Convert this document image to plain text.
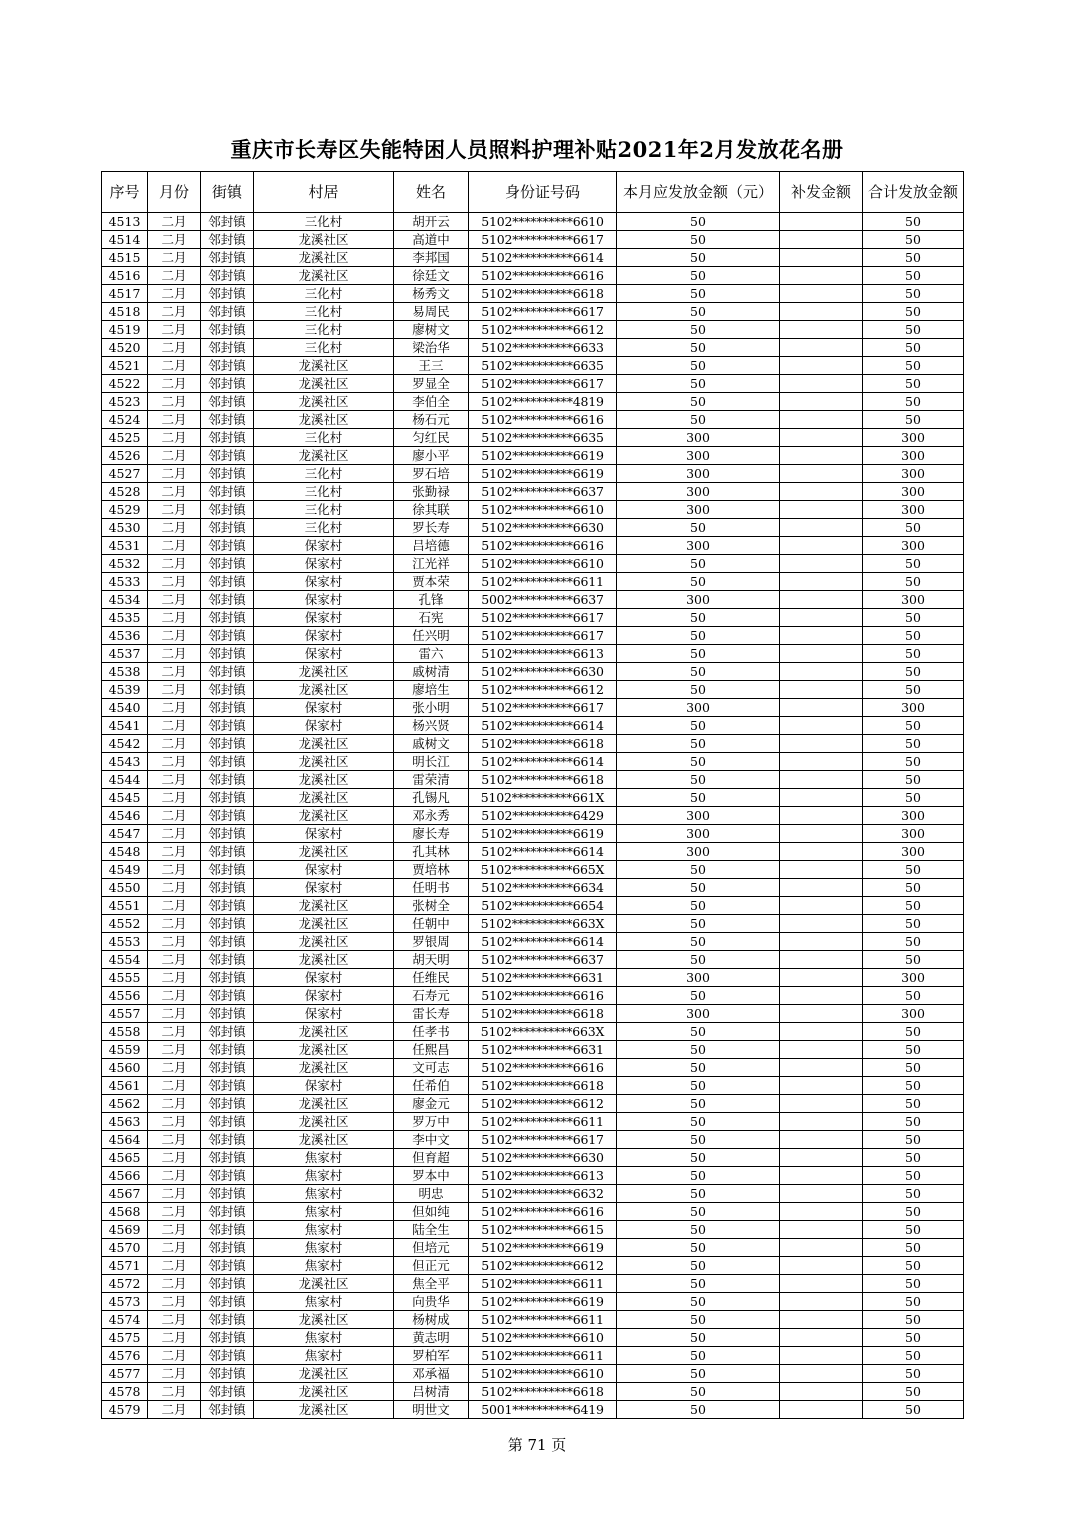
重庆市长寿区失能特困人员照料护理补贴2021年2月发放花名册
序号	月份	街镇	村居	姓名	身份证号码	本月应发放金额（元）	补发金额	合计发放金额
4513	二月	邻封镇	三化村	胡开云	5102**********6610	50		50
4514	二月	邻封镇	龙溪社区	高道中	5102**********6617	50		50
4515	二月	邻封镇	龙溪社区	李邦国	5102**********6614	50		50
4516	二月	邻封镇	龙溪社区	徐廷文	5102**********6616	50		50
4517	二月	邻封镇	三化村	杨秀文	5102**********6618	50		50
4518	二月	邻封镇	三化村	易周民	5102**********6617	50		50
4519	二月	邻封镇	三化村	廖树文	5102**********6612	50		50
4520	二月	邻封镇	三化村	梁治华	5102**********6633	50		50
4521	二月	邻封镇	龙溪社区	王三	5102**********6635	50		50
4522	二月	邻封镇	龙溪社区	罗显全	5102**********6617	50		50
4523	二月	邻封镇	龙溪社区	李伯全	5102**********4819	50		50
4524	二月	邻封镇	龙溪社区	杨石元	5102**********6616	50		50
4525	二月	邻封镇	三化村	匀红民	5102**********6635	300		300
4526	二月	邻封镇	龙溪社区	廖小平	5102**********6619	300		300
4527	二月	邻封镇	三化村	罗石培	5102**********6619	300		300
4528	二月	邻封镇	三化村	张勤禄	5102**********6637	300		300
4529	二月	邻封镇	三化村	徐其联	5102**********6610	300		300
4530	二月	邻封镇	三化村	罗长寿	5102**********6630	50		50
4531	二月	邻封镇	保家村	吕培德	5102**********6616	300		300
4532	二月	邻封镇	保家村	江光祥	5102**********6610	50		50
4533	二月	邻封镇	保家村	贾本荣	5102**********6611	50		50
4534	二月	邻封镇	保家村	孔锋	5002**********6637	300		300
4535	二月	邻封镇	保家村	石宪	5102**********6617	50		50
4536	二月	邻封镇	保家村	任兴明	5102**********6617	50		50
4537	二月	邻封镇	保家村	雷六	5102**********6613	50		50
4538	二月	邻封镇	龙溪社区	戚树清	5102**********6630	50		50
4539	二月	邻封镇	龙溪社区	廖培生	5102**********6612	50		50
4540	二月	邻封镇	保家村	张小明	5102**********6617	300		300
4541	二月	邻封镇	保家村	杨兴贤	5102**********6614	50		50
4542	二月	邻封镇	龙溪社区	戚树文	5102**********6618	50		50
4543	二月	邻封镇	龙溪社区	明长江	5102**********6614	50		50
4544	二月	邻封镇	龙溪社区	雷荣清	5102**********6618	50		50
4545	二月	邻封镇	龙溪社区	孔锡凡	5102**********661X	50		50
4546	二月	邻封镇	龙溪社区	邓永秀	5102**********6429	300		300
4547	二月	邻封镇	保家村	廖长寿	5102**********6619	300		300
4548	二月	邻封镇	龙溪社区	孔其林	5102**********6614	300		300
4549	二月	邻封镇	保家村	贾培林	5102**********665X	50		50
4550	二月	邻封镇	保家村	任明书	5102**********6634	50		50
4551	二月	邻封镇	龙溪社区	张树全	5102**********6654	50		50
4552	二月	邻封镇	龙溪社区	任朝中	5102**********663X	50		50
4553	二月	邻封镇	龙溪社区	罗银周	5102**********6614	50		50
4554	二月	邻封镇	龙溪社区	胡天明	5102**********6637	50		50
4555	二月	邻封镇	保家村	任维民	5102**********6631	300		300
4556	二月	邻封镇	保家村	石寿元	5102**********6616	50		50
4557	二月	邻封镇	保家村	雷长寿	5102**********6618	300		300
4558	二月	邻封镇	龙溪社区	任孝书	5102**********663X	50		50
4559	二月	邻封镇	龙溪社区	任熙昌	5102**********6631	50		50
4560	二月	邻封镇	龙溪社区	文可志	5102**********6616	50		50
4561	二月	邻封镇	保家村	任希伯	5102**********6618	50		50
4562	二月	邻封镇	龙溪社区	廖金元	5102**********6612	50		50
4563	二月	邻封镇	龙溪社区	罗万中	5102**********6611	50		50
4564	二月	邻封镇	龙溪社区	李中文	5102**********6617	50		50
4565	二月	邻封镇	焦家村	但育超	5102**********6630	50		50
4566	二月	邻封镇	焦家村	罗本中	5102**********6613	50		50
4567	二月	邻封镇	焦家村	明忠	5102**********6632	50		50
4568	二月	邻封镇	焦家村	但如纯	5102**********6616	50		50
4569	二月	邻封镇	焦家村	陆全生	5102**********6615	50		50
4570	二月	邻封镇	焦家村	但培元	5102**********6619	50		50
4571	二月	邻封镇	焦家村	但正元	5102**********6612	50		50
4572	二月	邻封镇	龙溪社区	焦全平	5102**********6611	50		50
4573	二月	邻封镇	焦家村	向贵华	5102**********6619	50		50
4574	二月	邻封镇	龙溪社区	杨树成	5102**********6611	50		50
4575	二月	邻封镇	焦家村	黄志明	5102**********6610	50		50
4576	二月	邻封镇	焦家村	罗柏军	5102**********6611	50		50
4577	二月	邻封镇	龙溪社区	邓承福	5102**********6610	50		50
4578	二月	邻封镇	龙溪社区	吕树清	5102**********6618	50		50
4579	二月	邻封镇	龙溪社区	明世文	5001**********6419	50		50
第 71 页
